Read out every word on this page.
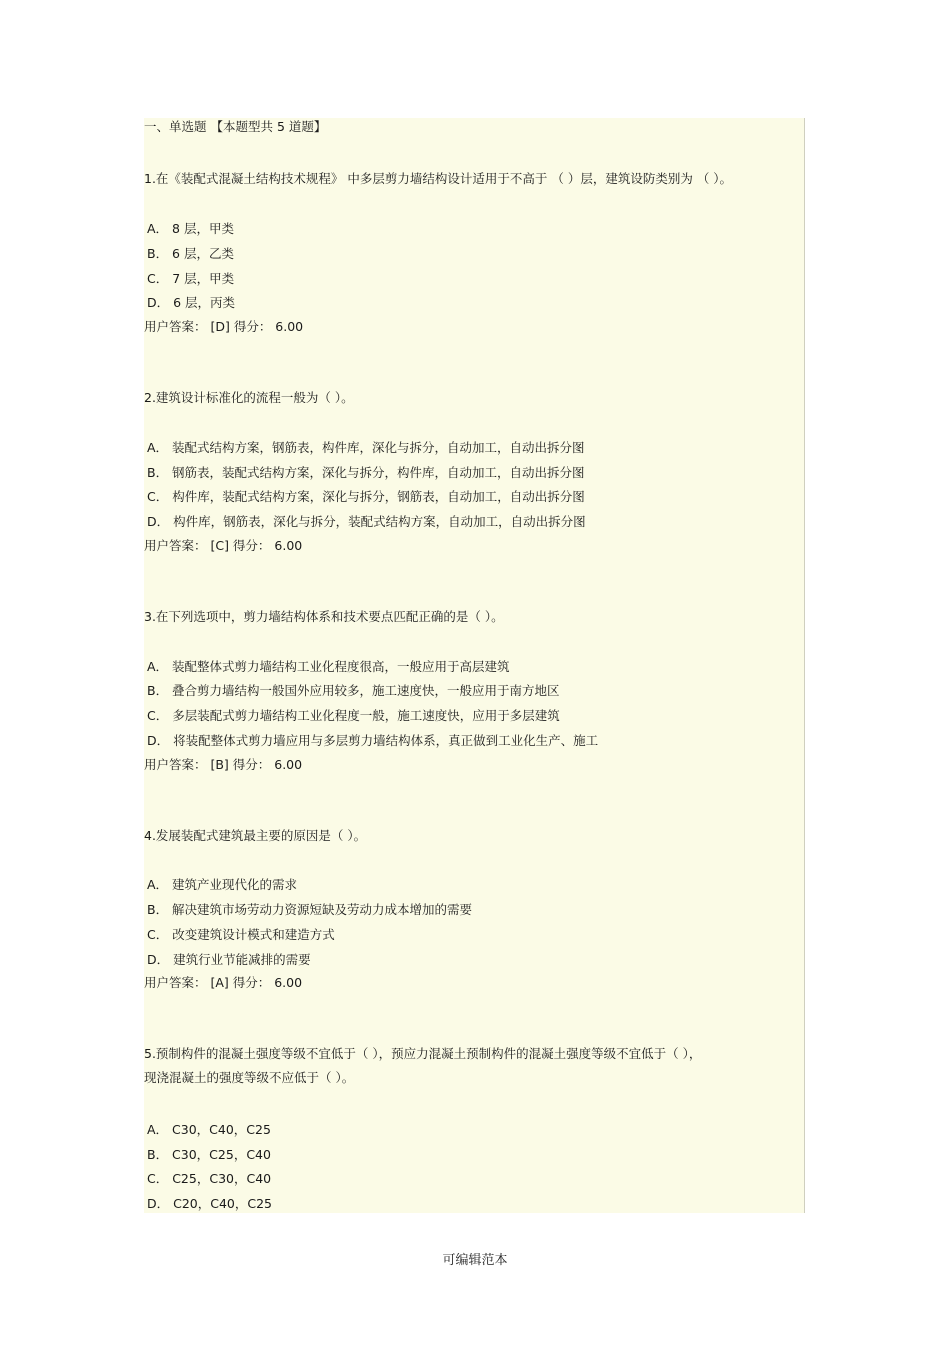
一、单选题 【本题型共 5 道题】
1.在《装配式混凝土结构技术规程》 中多层剪力墙结构设计适用于不高于 （ ）层，建筑设防类别为 （ ）。
A． 8 层，甲类
B． 6 层，乙类
C． 7 层，甲类
D． 6 层，丙类
用户答案： [D] 得分： 6.00
2.建筑设计标准化的流程一般为（ ）。
A． 装配式结构方案，钢筋表，构件库，深化与拆分，自动加工，自动出拆分图
B． 钢筋表，装配式结构方案，深化与拆分，构件库，自动加工，自动出拆分图
C． 构件库，装配式结构方案，深化与拆分，钢筋表，自动加工，自动出拆分图
D． 构件库，钢筋表，深化与拆分，装配式结构方案，自动加工，自动出拆分图
用户答案： [C] 得分： 6.00
3.在下列选项中，剪力墙结构体系和技术要点匹配正确的是（ ）。
A． 装配整体式剪力墙结构工业化程度很高，一般应用于高层建筑
B． 叠合剪力墙结构一般国外应用较多，施工速度快，一般应用于南方地区
C． 多层装配式剪力墙结构工业化程度一般，施工速度快，应用于多层建筑
D． 将装配整体式剪力墙应用与多层剪力墙结构体系，真正做到工业化生产、施工
用户答案： [B] 得分： 6.00
4.发展装配式建筑最主要的原因是（ ）。
A． 建筑产业现代化的需求
B． 解决建筑市场劳动力资源短缺及劳动力成本增加的需要
C． 改变建筑设计模式和建造方式
D． 建筑行业节能减排的需要
用户答案： [A] 得分： 6.00
5.预制构件的混凝土强度等级不宜低于（ ），预应力混凝土预制构件的混凝土强度等级不宜低于（ ），
现浇混凝土的强度等级不应低于（ ）。
A． C30，C40，C25
B． C30，C25，C40
C． C25，C30，C40
D． C20，C40，C25
可编辑范本
